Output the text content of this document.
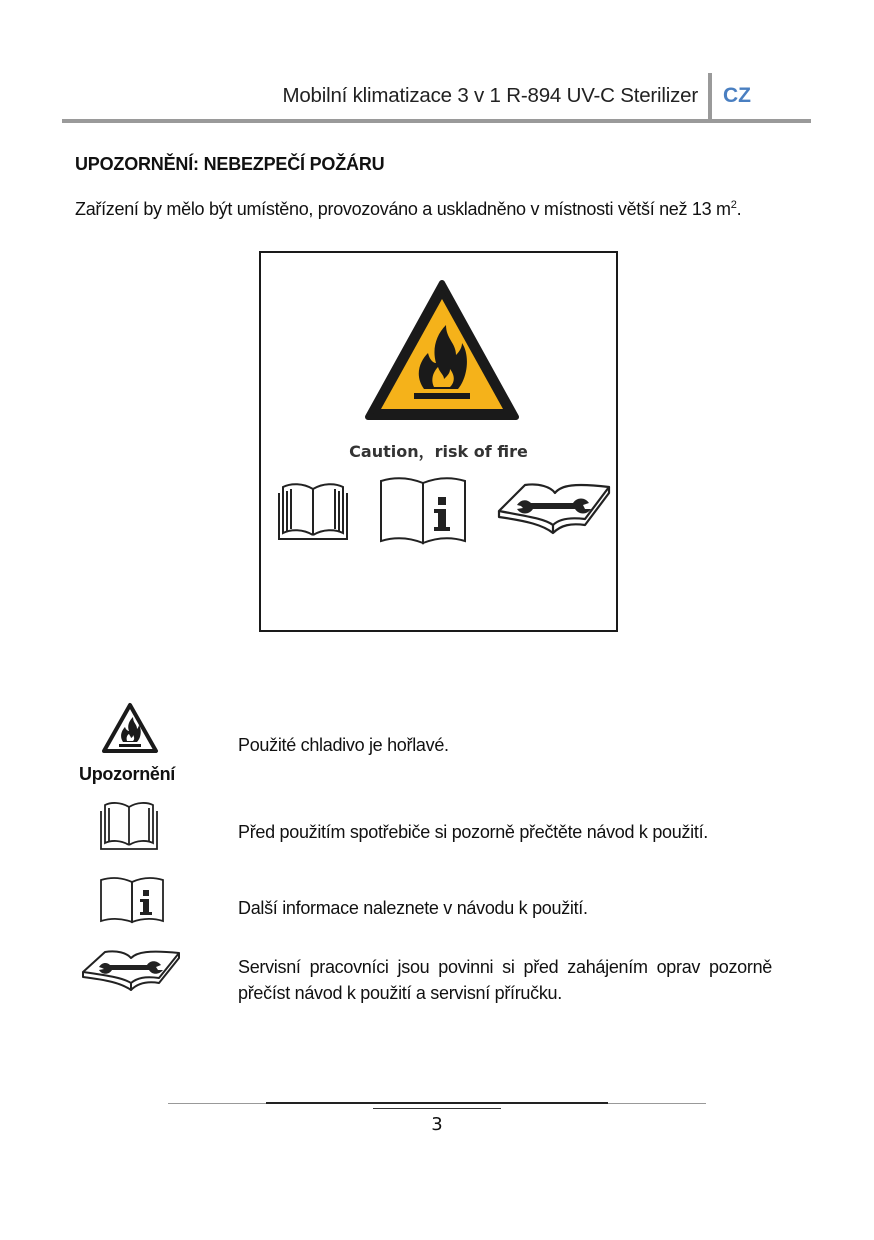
Mobilní klimatizace 3 v 1 R-894 UV-C Sterilizer CZ
UPOZORNĚNÍ: NEBEZPEČÍ POŽÁRU
Zařízení by mělo být umístěno, provozováno a uskladněno v místnosti větší než 13 $m^2$.
Caution，risk of fire
Upozornění
Použité chladivo je hořlavé.
Před použitím spotřebiče si pozorně přečtěte návod k použití.
Další informace naleznete v návodu k použití.
Servisní pracovníci jsou povinni si před zahájením oprav pozorně přečíst návod k použití a servisní příručku.
3
